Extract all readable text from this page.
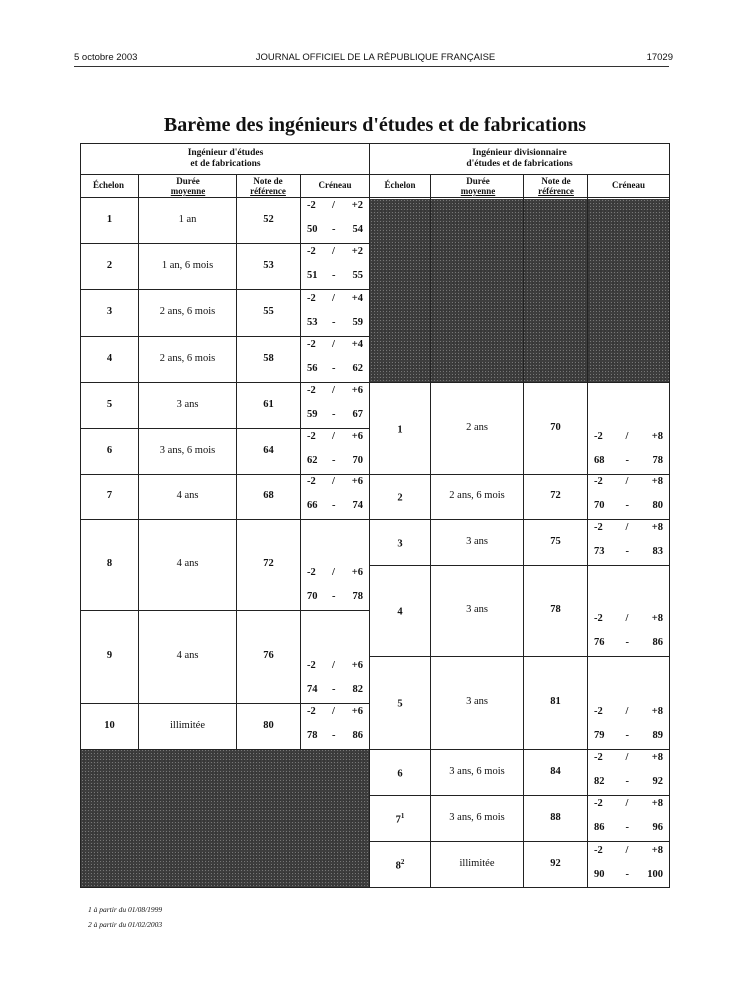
5 octobre 2003	JOURNAL OFFICIEL DE LA RÉPUBLIQUE FRANÇAISE	17029
Barème des ingénieurs d'études et de fabrications
Ingénieur d'études
et de fabrications
Ingénieur divisionnaire
d'études et de fabrications
Échelon	Durée
moyenne
Note de
référence
Créneau	Échelon	Durée
moyenne
Note de
référence
Créneau
1	1 an	52
-2 / +2
50 - 54
2	1 an, 6 mois	53
-2 / +2
51 - 55
3	2 ans, 6 mois	55
-2 / +4
53 - 59
4	2 ans, 6 mois	58
-2 / +4
56 - 62
5	3 ans	61
-2 / +6
59 - 67
6	3 ans, 6 mois	64
-2 / +6
62 - 70
7	4 ans	68
-2 / +6
66 - 74
8	4 ans	72
-2 / +6
70 - 78
9	4 ans	76
-2 / +6
74 - 82
10	illimitée	80
-2 / +6
78 - 86
1	2 ans	70
-2 / +8
68 - 78
2	2 ans, 6 mois	72
-2 / +8
70 - 80
3	3 ans	75
-2 / +8
73 - 83
4	3 ans	78
-2 / +8
76 - 86
5	3 ans	81
-2 / +8
79 - 89
6	3 ans, 6 mois	84
-2 / +8
82 - 92
$7^1$	3 ans, 6 mois	88
-2 / +8
86 - 96
$8^2$	illimitée	92
-2 / +8
90 - 100
1 à partir du 01/08/1999
2 à partir du 01/02/2003
